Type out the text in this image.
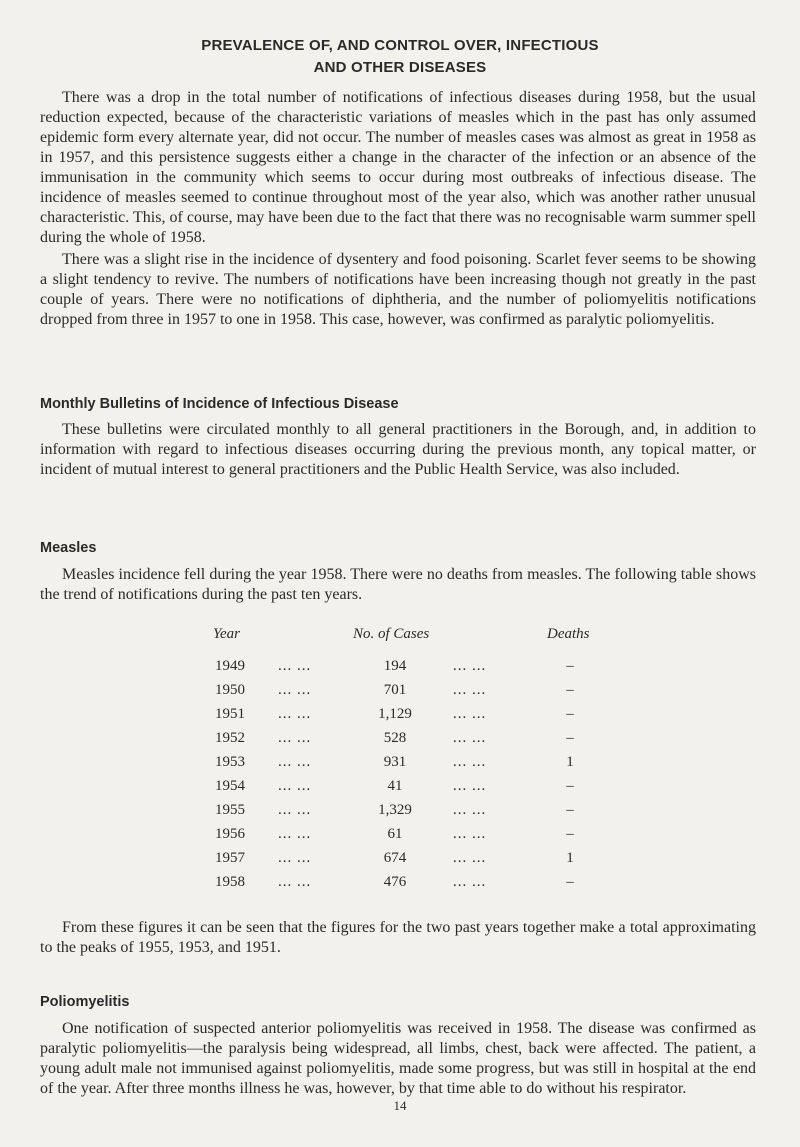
PREVALENCE OF, AND CONTROL OVER, INFECTIOUS
AND OTHER DISEASES

There was a drop in the total number of notifications of infectious diseases during 1958, but the usual reduction expected, because of the characteristic variations of measles which in the past has only assumed epidemic form every alternate year, did not occur. The number of measles cases was almost as great in 1958 as in 1957, and this persistence suggests either a change in the character of the infection or an absence of the immunisation in the community which seems to occur during most outbreaks of infectious disease. The incidence of measles seemed to continue throughout most of the year also, which was another rather unusual characteristic. This, of course, may have been due to the fact that there was no recognisable warm summer spell during the whole of 1958.

There was a slight rise in the incidence of dysentery and food poisoning. Scarlet fever seems to be showing a slight tendency to revive. The numbers of notifications have been increasing though not greatly in the past couple of years. There were no notifications of diphtheria, and the number of poliomyelitis notifications dropped from three in 1957 to one in 1958. This case, however, was confirmed as paralytic poliomyelitis.

Monthly Bulletins of Incidence of Infectious Disease

These bulletins were circulated monthly to all general practitioners in the Borough, and, in addition to information with regard to infectious diseases occurring during the previous month, any topical matter, or incident of mutual interest to general practitioners and the Public Health Service, was also included.

Measles

Measles incidence fell during the year 1958. There were no deaths from measles. The following table shows the trend of notifications during the past ten years.

Year	No. of Cases	Deaths
1949 ... ...	194	... ...	–
1950 ... ...	701	... ...	–
1951 ... ...	1,129	... ...	–
1952 ... ...	528	... ...	–
1953 ... ...	931	... ...	1
1954 ... ...	41	... ...	–
1955 ... ...	1,329	... ...	–
1956 ... ...	61	... ...	–
1957 ... ...	674	... ...	1
1958 ... ...	476	... ...	–

From these figures it can be seen that the figures for the two past years together make a total approximating to the peaks of 1955, 1953, and 1951.

Poliomyelitis

One notification of suspected anterior poliomyelitis was received in 1958. The disease was confirmed as paralytic poliomyelitis—the paralysis being widespread, all limbs, chest, back were affected. The patient, a young adult male not immunised against poliomyelitis, made some progress, but was still in hospital at the end of the year. After three months illness he was, however, by that time able to do without his respirator.

14
